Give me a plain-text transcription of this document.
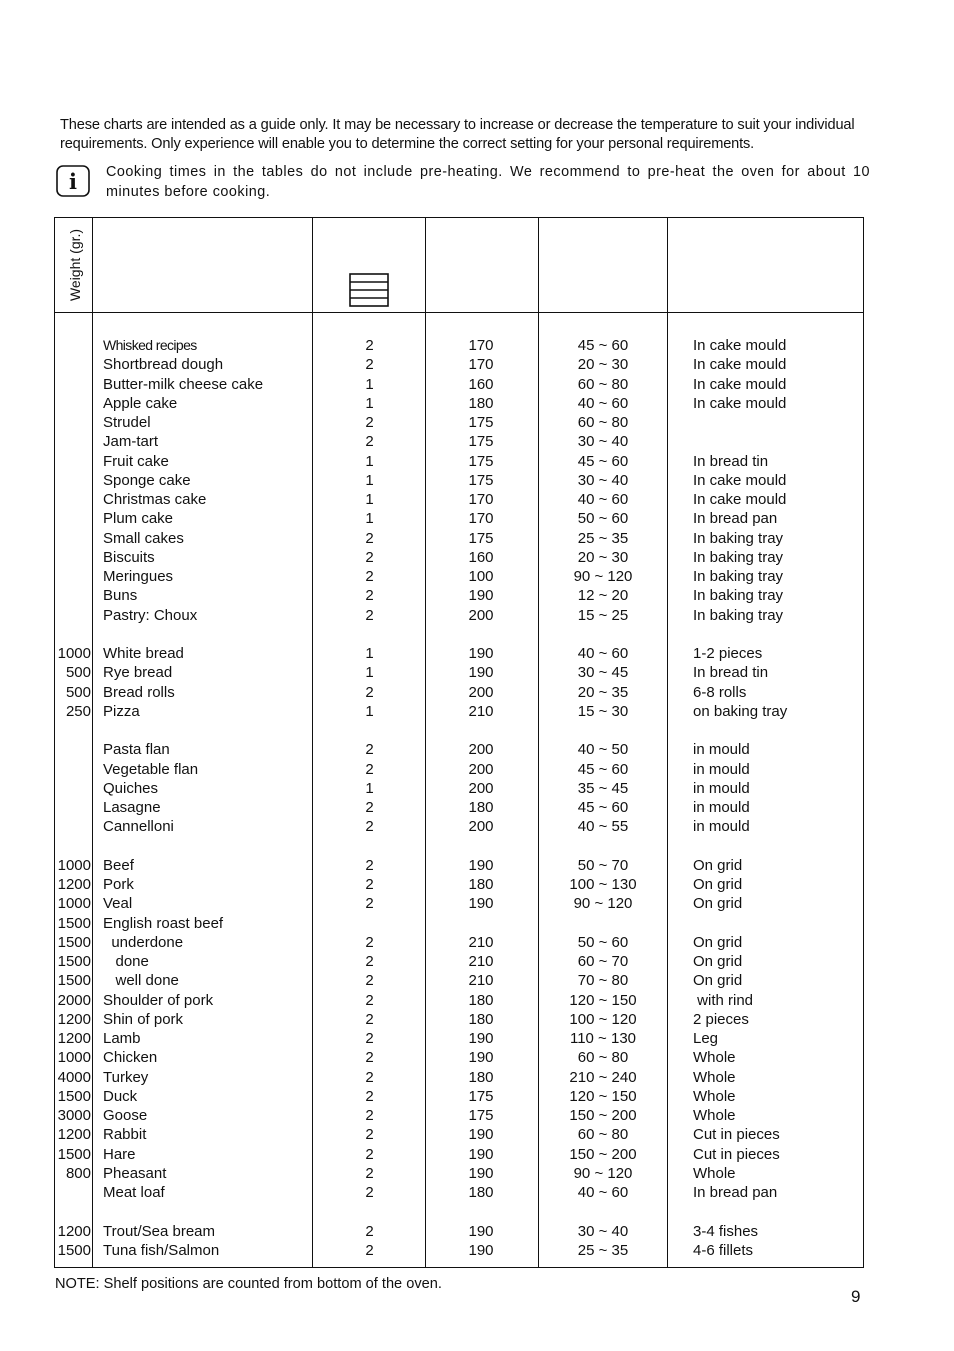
These charts are intended as a guide only. It may be necessary to increase or decrease the temperature to suit your individual requirements. Only experience will enable you to determine the correct setting for your personal requirements.
i Cooking times in the tables do not include pre-heating. We recommend to pre-heat the oven for about 10 minutes before cooking.
Weight (gr.)
Whisked recipes	2	170	45 ~ 60	In cake mould
Shortbread dough	2	170	20 ~ 30	In cake mould
Butter-milk cheese cake	1	160	60 ~ 80	In cake mould
Apple cake	1	180	40 ~ 60	In cake mould
Strudel	2	175	60 ~ 80
Jam-tart	2	175	30 ~ 40
Fruit cake	1	175	45 ~ 60	In bread tin
Sponge cake	1	175	30 ~ 40	In cake mould
Christmas cake	1	170	40 ~ 60	In cake mould
Plum cake	1	170	50 ~ 60	In bread pan
Small cakes	2	175	25 ~ 35	In baking tray
Biscuits	2	160	20 ~ 30	In baking tray
Meringues	2	100	90 ~ 120	In baking tray
Buns	2	190	12 ~ 20	In baking tray
Pastry: Choux	2	200	15 ~ 25	In baking tray
1000 White bread	1	190	40 ~ 60	1-2 pieces
500 Rye bread	1	190	30 ~ 45	In bread tin
500 Bread rolls	2	200	20 ~ 35	6-8 rolls
250 Pizza	1	210	15 ~ 30	on baking tray
Pasta flan	2	200	40 ~ 50	in mould
Vegetable flan	2	200	45 ~ 60	in mould
Quiches	1	200	35 ~ 45	in mould
Lasagne	2	180	45 ~ 60	in mould
Cannelloni	2	200	40 ~ 55	in mould
1000 Beef	2	190	50 ~ 70	On grid
1200 Pork	2	180	100 ~ 130	On grid
1000 Veal	2	190	90 ~ 120	On grid
1500 English roast beef
1500 underdone	2	210	50 ~ 60	On grid
1500 done	2	210	60 ~ 70	On grid
1500 well done	2	210	70 ~ 80	On grid
2000 Shoulder of pork	2	180	120 ~ 150	with rind
1200 Shin of pork	2	180	100 ~ 120	2 pieces
1200 Lamb	2	190	110 ~ 130	Leg
1000 Chicken	2	190	60 ~ 80	Whole
4000 Turkey	2	180	210 ~ 240	Whole
1500 Duck	2	175	120 ~ 150	Whole
3000 Goose	2	175	150 ~ 200	Whole
1200 Rabbit	2	190	60 ~ 80	Cut in pieces
1500 Hare	2	190	150 ~ 200	Cut in pieces
800 Pheasant	2	190	90 ~ 120	Whole
Meat loaf	2	180	40 ~ 60	In bread pan
1200 Trout/Sea bream	2	190	30 ~ 40	3-4 fishes
1500 Tuna fish/Salmon	2	190	25 ~ 35	4-6 fillets
NOTE: Shelf positions are counted from bottom of the oven.
9
